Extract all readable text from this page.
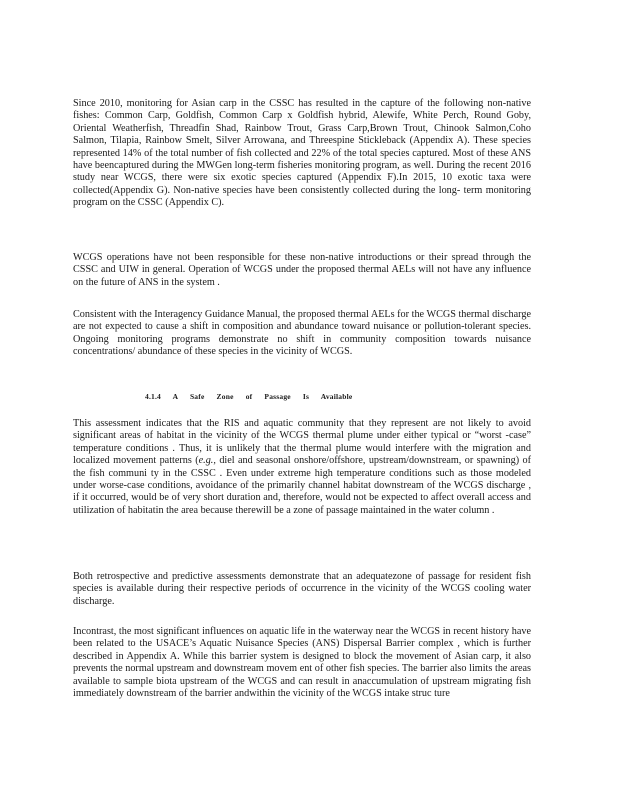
Since 2010, monitoring for Asian carp in the CSSC has resulted in the capture of the following non-native fishes: Common Carp, Goldfish, Common Carp x Goldfish hybrid, Alewife, White Perch, Round Goby, Oriental Weatherfish, Threadfin Shad, Rainbow Trout, Grass Carp,Brown Trout, Chinook Salmon,Coho Salmon, Tilapia, Rainbow Smelt, Silver Arrowana, and Threespine Stickleback (Appendix A). These species represented 14% of the total number of fish collected and 22% of the total species captured. Most of these ANS have beencaptured during the MWGen long-term fisheries monitoring program, as well. During the recent 2016 study near WCGS, there were six exotic species captured (Appendix F).In 2015, 10 exotic taxa were collected(Appendix G). Non-native species have been consistently collected during the long- term monitoring program on the CSSC (Appendix C).

WCGS operations have not been responsible for these non-native introductions or their spread through the CSSC and UIW in general. Operation of WCGS under the proposed thermal AELs will not have any influence on the future of ANS in the system .

Consistent with the Interagency Guidance Manual, the proposed thermal AELs for the WCGS thermal discharge are not expected to cause a shift in composition and abundance toward nuisance or pollution-tolerant species. Ongoing monitoring programs demonstrate no shift in community composition towards nuisance concentrations/ abundance of these species in the vicinity of WCGS.

4.1.4 A Safe Zone of Passage Is Available

This assessment indicates that the RIS and aquatic community that they represent are not likely to avoid significant areas of habitat in the vicinity of the WCGS thermal plume under either typical or “worst -case” temperature conditions . Thus, it is unlikely that the thermal plume would interfere with the migration and localized movement patterns (e.g., diel and seasonal onshore/offshore, upstream/downstream, or spawning) of the fish communi ty in the CSSC . Even under extreme high temperature conditions such as those modeled under worse-case conditions, avoidance of the primarily channel habitat downstream of the WCGS discharge , if it occurred, would be of very short duration and, therefore, would not be expected to affect overall access and utilization of habitatin the area because therewill be a zone of passage maintained in the water column .

Both retrospective and predictive assessments demonstrate that an adequatezone of passage for resident fish species is available during their respective periods of occurrence in the vicinity of the WCGS cooling water discharge.

Incontrast, the most significant influences on aquatic life in the waterway near the WCGS in recent history have been related to the USACE’s Aquatic Nuisance Species (ANS) Dispersal Barrier complex , which is further described in Appendix A. While this barrier system is designed to block the movement of Asian carp, it also prevents the normal upstream and downstream movem ent of other fish species. The barrier also limits the areas available to sample biota upstream of the WCGS and can result in anaccumulation of upstream migrating fish immediately downstream of the barrier andwithin the vicinity of the WCGS intake struc ture
